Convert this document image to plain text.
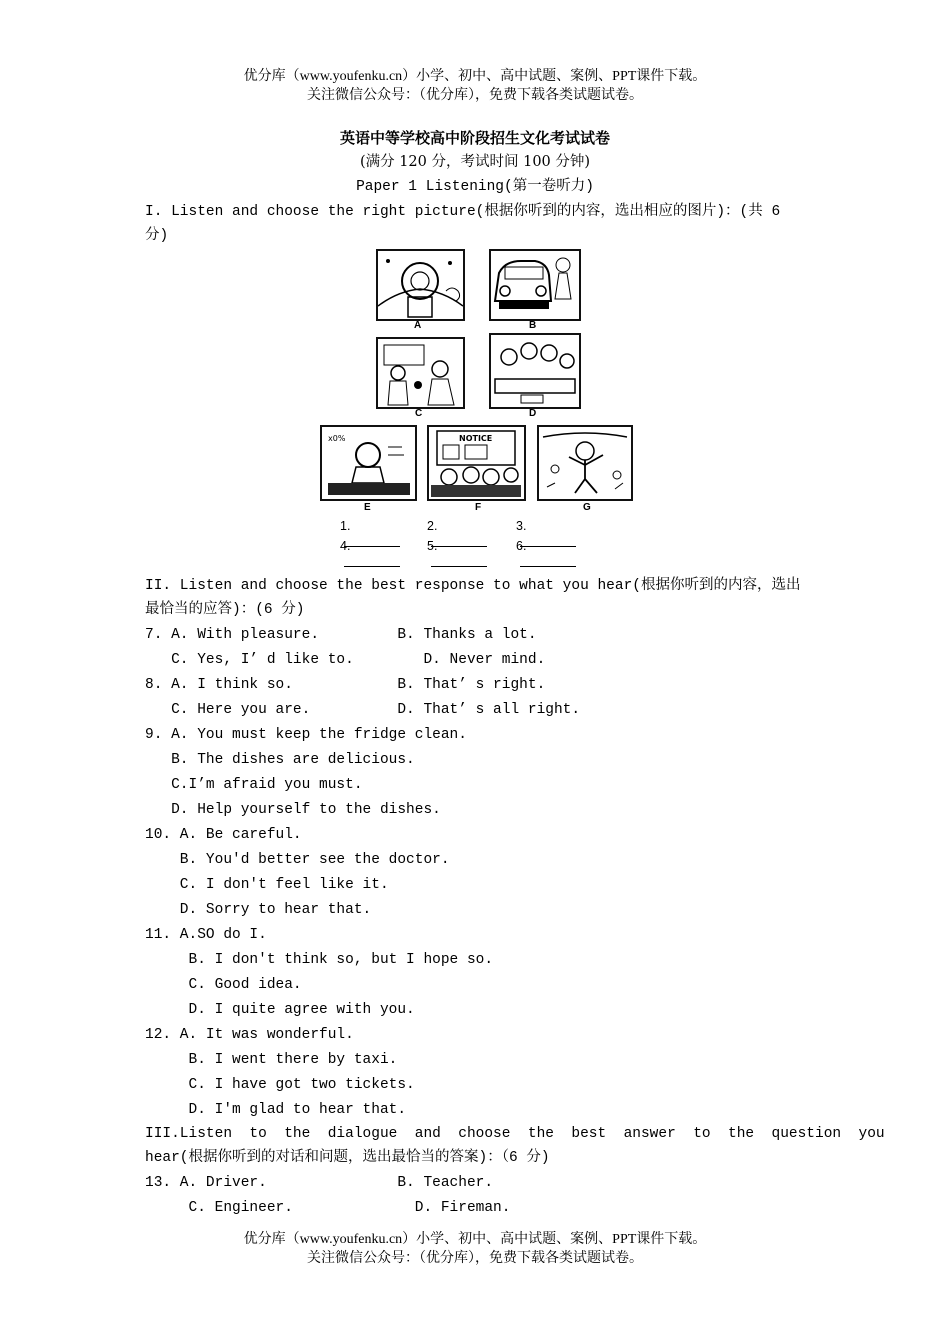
优分库（www.youfenku.cn）小学、初中、高中试题、案例、PPT课件下载。
关注微信公众号：（优分库），免费下载各类试题试卷。
英语中等学校高中阶段招生文化考试试卷
(满分 120 分，考试时间 100 分钟)
Paper 1 Listening(第一卷听力)
I. Listen and choose the right picture(根据你听到的内容，选出相应的图片)：(共 6
分)
A	B
C	D
x0%
E
NOTICE
F	G
1.	2.	3.
4.	5.	6.
II. Listen and choose the best response to what you hear(根据你听到的内容，选出
最恰当的应答)：(6 分)
7. A. With pleasure.         B. Thanks a lot.
C. Yes, I’ d like to.        D. Never mind.
8. A. I think so.            B. That’ s right.
C. Here you are.          D. That’ s all right.
9. A. You must keep the fridge clean.
B. The dishes are delicious.
C.I’m afraid you must.
D. Help yourself to the dishes.
10. A. Be careful.
B. You'd better see the doctor.
C. I don't feel like it.
D. Sorry to hear that.
11. A.SO do I.
B. I don't think so, but I hope so.
C. Good idea.
D. I quite agree with you.
12. A. It was wonderful.
B. I went there by taxi.
C. I have got two tickets.
D. I'm glad to hear that.
III.Listen  to  the  dialogue  and  choose  the  best  answer  to  the  question  you
hear(根据你听到的对话和问题，选出最恰当的答案)：（6 分)
13. A. Driver.               B. Teacher.
C. Engineer.              D. Fireman.
优分库（www.youfenku.cn）小学、初中、高中试题、案例、PPT课件下载。
关注微信公众号：（优分库），免费下载各类试题试卷。
